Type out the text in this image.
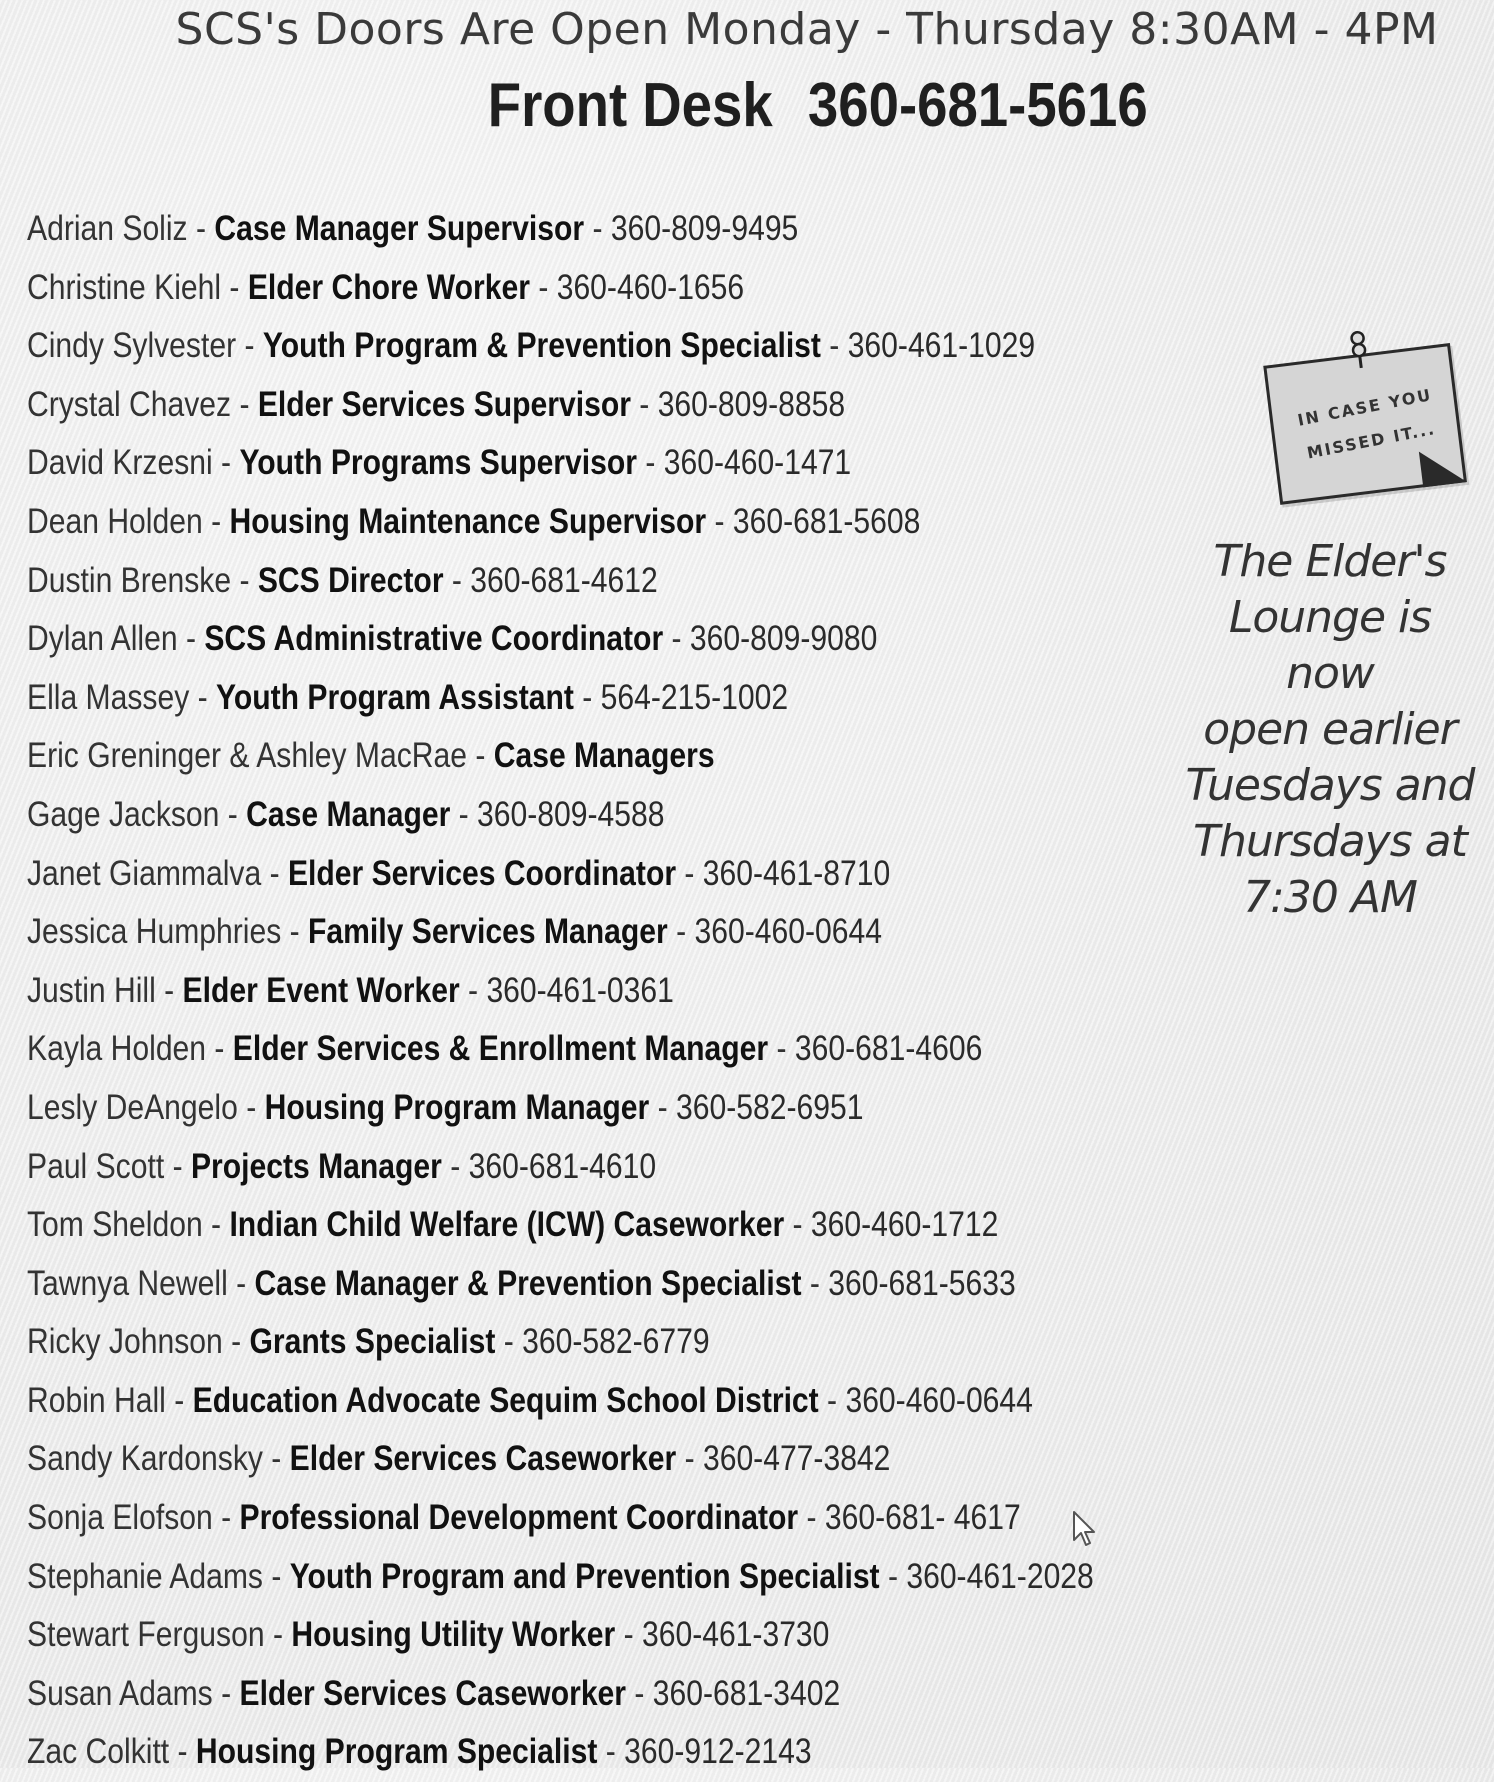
SCS's Doors Are Open Monday - Thursday 8:30AM - 4PM
Front Desk 360-681-5616
Adrian Soliz - Case Manager Supervisor - 360-809-9495
Christine Kiehl - Elder Chore Worker - 360-460-1656
Cindy Sylvester - Youth Program & Prevention Specialist - 360-461-1029
Crystal Chavez - Elder Services Supervisor - 360-809-8858
David Krzesni - Youth Programs Supervisor - 360-460-1471
Dean Holden - Housing Maintenance Supervisor - 360-681-5608
Dustin Brenske - SCS Director - 360-681-4612
Dylan Allen - SCS Administrative Coordinator - 360-809-9080
Ella Massey - Youth Program Assistant - 564-215-1002
Eric Greninger & Ashley MacRae - Case Managers
Gage Jackson - Case Manager - 360-809-4588
Janet Giammalva - Elder Services Coordinator - 360-461-8710
Jessica Humphries - Family Services Manager - 360-460-0644
Justin Hill - Elder Event Worker - 360-461-0361
Kayla Holden - Elder Services & Enrollment Manager - 360-681-4606
Lesly DeAngelo - Housing Program Manager - 360-582-6951
Paul Scott - Projects Manager - 360-681-4610
Tom Sheldon - Indian Child Welfare (ICW) Caseworker - 360-460-1712
Tawnya Newell - Case Manager & Prevention Specialist - 360-681-5633
Ricky Johnson - Grants Specialist - 360-582-6779
Robin Hall - Education Advocate Sequim School District - 360-460-0644
Sandy Kardonsky - Elder Services Caseworker - 360-477-3842
Sonja Elofson - Professional Development Coordinator - 360-681- 4617
Stephanie Adams - Youth Program and Prevention Specialist - 360-461-2028
Stewart Ferguson - Housing Utility Worker - 360-461-3730
Susan Adams - Elder Services Caseworker - 360-681-3402
Zac Colkitt - Housing Program Specialist - 360-912-2143
IN CASE YOU
MISSED IT...
The Elder's
Lounge is now
open earlier
Tuesdays and
Thursdays at
7:30 AM
